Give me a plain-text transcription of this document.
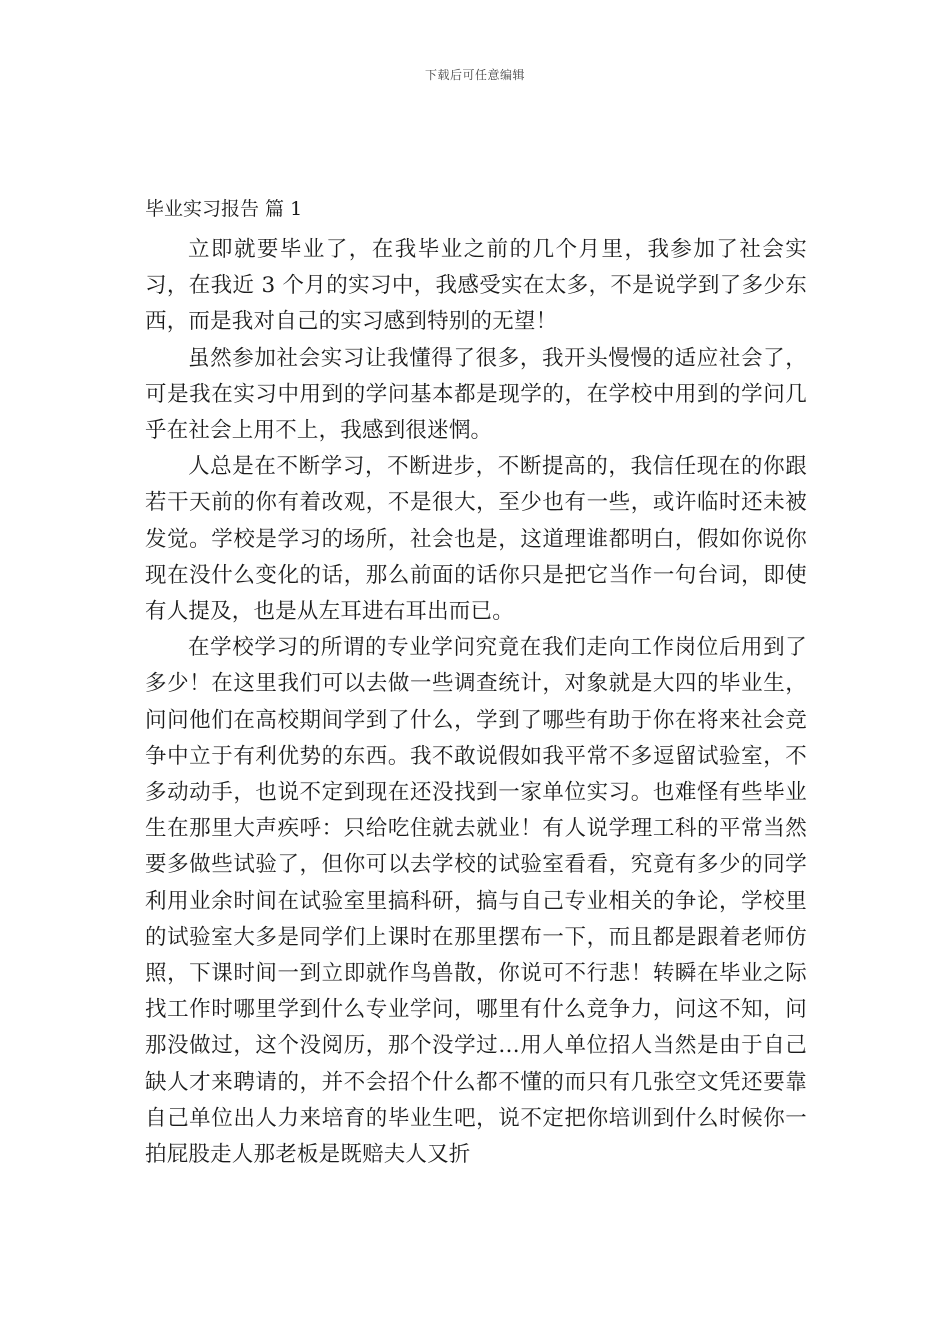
下载后可任意编辑
毕业实习报告 篇 1

立即就要毕业了，在我毕业之前的几个月里，我参加了社会实习，在我近 3 个月的实习中，我感受实在太多，不是说学到了多少东西，而是我对自己的实习感到特别的无望！

虽然参加社会实习让我懂得了很多，我开头慢慢的适应社会了，可是我在实习中用到的学问基本都是现学的，在学校中用到的学问几乎在社会上用不上，我感到很迷惘。

人总是在不断学习，不断进步，不断提高的，我信任现在的你跟若干天前的你有着改观，不是很大，至少也有一些，或许临时还未被发觉。学校是学习的场所，社会也是，这道理谁都明白，假如你说你现在没什么变化的话，那么前面的话你只是把它当作一句台词，即使有人提及，也是从左耳进右耳出而已。

在学校学习的所谓的专业学问究竟在我们走向工作岗位后用到了多少！在这里我们可以去做一些调查统计，对象就是大四的毕业生，问问他们在高校期间学到了什么，学到了哪些有助于你在将来社会竞争中立于有利优势的东西。我不敢说假如我平常不多逗留试验室，不多动动手，也说不定到现在还没找到一家单位实习。也难怪有些毕业生在那里大声疾呼：只给吃住就去就业！有人说学理工科的平常当然要多做些试验了，但你可以去学校的试验室看看，究竟有多少的同学利用业余时间在试验室里搞科研，搞与自己专业相关的争论，学校里的试验室大多是同学们上课时在那里摆布一下，而且都是跟着老师仿照，下课时间一到立即就作鸟兽散，你说可不行悲！转瞬在毕业之际找工作时哪里学到什么专业学问，哪里有什么竞争力，问这不知，问那没做过，这个没阅历，那个没学过…用人单位招人当然是由于自己缺人才来聘请的，并不会招个什么都不懂的而只有几张空文凭还要靠自己单位出人力来培育的毕业生吧，说不定把你培训到什么时候你一拍屁股走人那老板是既赔夫人又折
